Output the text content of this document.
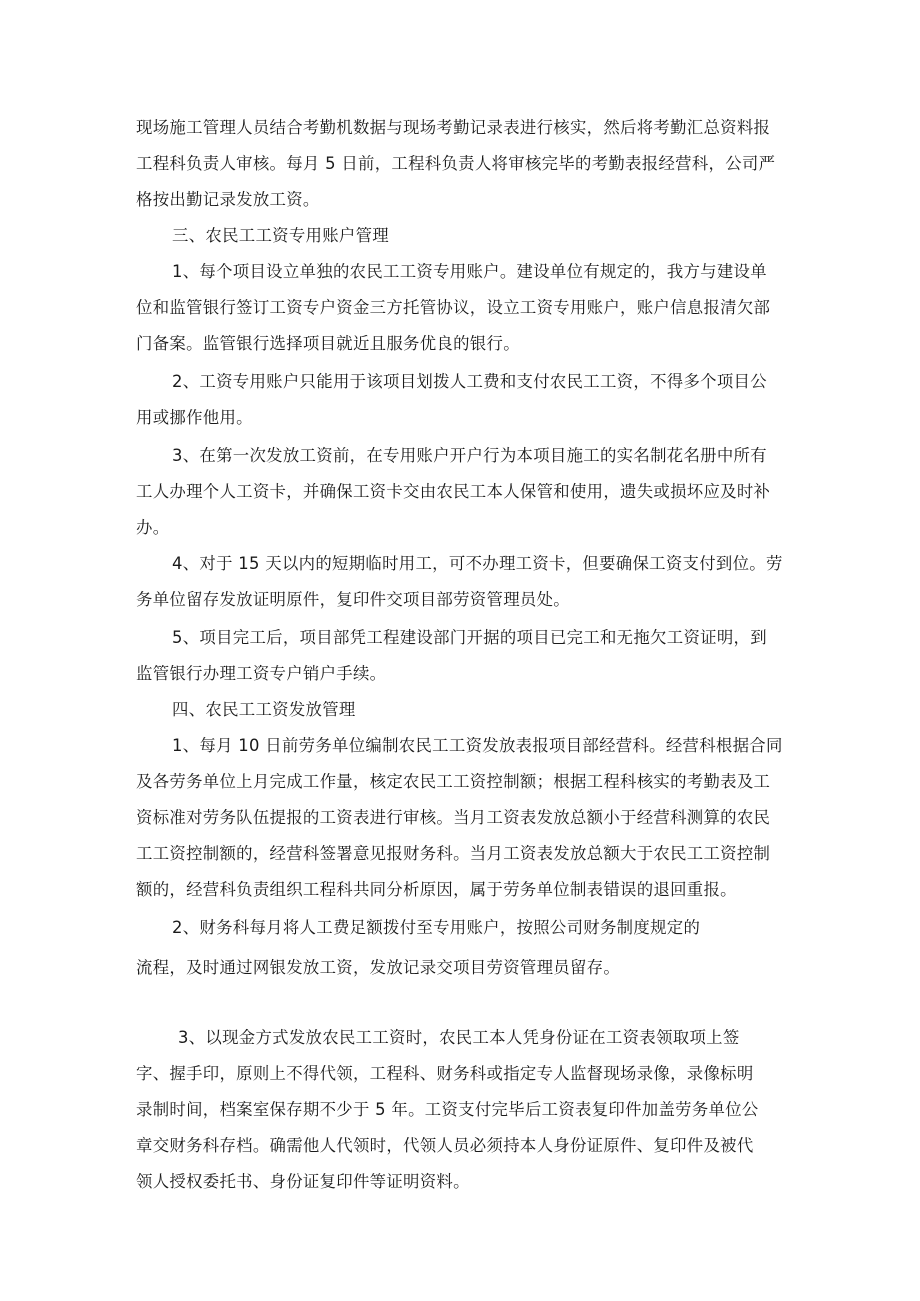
现场施工管理人员结合考勤机数据与现场考勤记录表进行核实，然后将考勤汇总资料报
工程科负责人审核。每月 5 日前，工程科负责人将审核完毕的考勤表报经营科，公司严
格按出勤记录发放工资。
三、农民工工资专用账户管理
1、每个项目设立单独的农民工工资专用账户。建设单位有规定的，我方与建设单
位和监管银行签订工资专户资金三方托管协议，设立工资专用账户，账户信息报清欠部
门备案。监管银行选择项目就近且服务优良的银行。
2、工资专用账户只能用于该项目划拨人工费和支付农民工工资，不得多个项目公
用或挪作他用。
3、在第一次发放工资前，在专用账户开户行为本项目施工的实名制花名册中所有
工人办理个人工资卡，并确保工资卡交由农民工本人保管和使用，遗失或损坏应及时补
办。
4、对于 15 天以内的短期临时用工，可不办理工资卡，但要确保工资支付到位。劳
务单位留存发放证明原件，复印件交项目部劳资管理员处。
5、项目完工后，项目部凭工程建设部门开据的项目已完工和无拖欠工资证明，到
监管银行办理工资专户销户手续。
四、农民工工资发放管理
1、每月 10 日前劳务单位编制农民工工资发放表报项目部经营科。经营科根据合同
及各劳务单位上月完成工作量，核定农民工工资控制额；根据工程科核实的考勤表及工
资标准对劳务队伍提报的工资表进行审核。当月工资表发放总额小于经营科测算的农民
工工资控制额的，经营科签署意见报财务科。当月工资表发放总额大于农民工工资控制
额的，经营科负责组织工程科共同分析原因，属于劳务单位制表错误的退回重报。
2、财务科每月将人工费足额拨付至专用账户，按照公司财务制度规定的
流程，及时通过网银发放工资，发放记录交项目劳资管理员留存。
3、以现金方式发放农民工工资时，农民工本人凭身份证在工资表领取项上签
字、握手印，原则上不得代领，工程科、财务科或指定专人监督现场录像，录像标明
录制时间，档案室保存期不少于 5 年。工资支付完毕后工资表复印件加盖劳务单位公
章交财务科存档。确需他人代领时，代领人员必须持本人身份证原件、复印件及被代
领人授权委托书、身份证复印件等证明资料。
